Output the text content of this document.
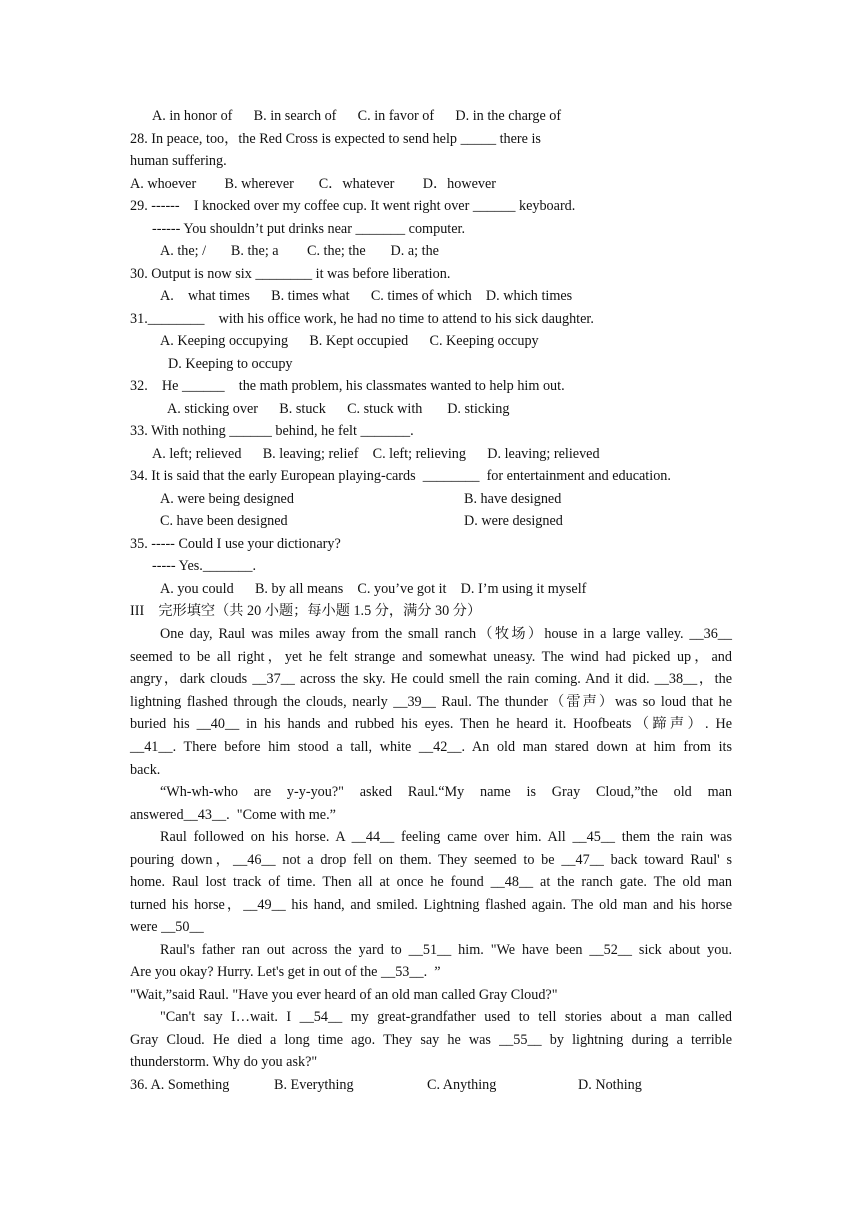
A. in honor of      B. in search of      C. in favor of      D. in the charge of
28. In peace, too，the Red Cross is expected to send help _____ there is
human suffering.
A. whoever        B. wherever       C．whatever        D．however
29. ------    I knocked over my coffee cup. It went right over ______ keyboard.
------ You shouldn’t put drinks near _______ computer.
A. the; /       B. the; a        C. the; the       D. a; the
30. Output is now six ________ it was before liberation.
A.    what times      B. times what      C. times of which    D. which times
31.________    with his office work, he had no time to attend to his sick daughter.
A. Keeping occupying      B. Kept occupied      C. Keeping occupy
D. Keeping to occupy
32.    He ______    the math problem, his classmates wanted to help him out.
A. sticking over      B. stuck      C. stuck with       D. sticking
33. With nothing ______ behind, he felt _______.
A. left; relieved      B. leaving; relief    C. left; relieving      D. leaving; relieved
34. It is said that the early European playing-cards  ________  for entertainment and education.
A. were being designed	B. have designed
C. have been designed	D. were designed
35. ----- Could I use your dictionary?
----- Yes._______.
A. you could      B. by all means    C. you’ve got it    D. I’m using it myself
III    完形填空（共 20 小题；每小题 1.5 分，满分 30 分）
One day, Raul was miles away from the small ranch（牧场）house in a large valley. __36__
seemed to be all right，yet he felt strange and somewhat uneasy. The wind had picked up，and
angry，dark clouds __37__ across the sky. He could smell the rain coming. And it did. __38__，the
lightning flashed through the clouds, nearly __39__ Raul. The thunder（雷声）was so loud that he
buried his __40__ in his hands and rubbed his eyes. Then he heard it. Hoofbeats（蹄声）. He
__41__. There before him stood a tall, white __42__. An old man stared down at him from its
back.
“Wh-wh-who are y-y-you?" asked Raul.“My name is Gray Cloud,”the old man
answered__43__.  "Come with me.”
Raul followed on his horse. A __44__ feeling came over him. All __45__ them the rain was
pouring down，__46__ not a drop fell on them. They seemed to be __47__ back toward Raul' s
home. Raul lost track of time. Then all at once he found __48__ at the ranch gate. The old man
turned his horse，__49__ his hand, and smiled. Lightning flashed again. The old man and his horse
were __50__
Raul's father ran out across the yard to __51__ him. "We have been __52__ sick about you.
Are you okay? Hurry. Let's get in out of the __53__.  ”
"Wait,”said Raul. "Have you ever heard of an old man called Gray Cloud?"
"Can't say I…wait. I __54__ my great-grandfather used to tell stories about a man called
Gray Cloud. He died a long time ago. They say he was __55__ by lightning during a terrible
thunderstorm. Why do you ask?"
36. A. Something	B. Everything	C. Anything	D. Nothing
